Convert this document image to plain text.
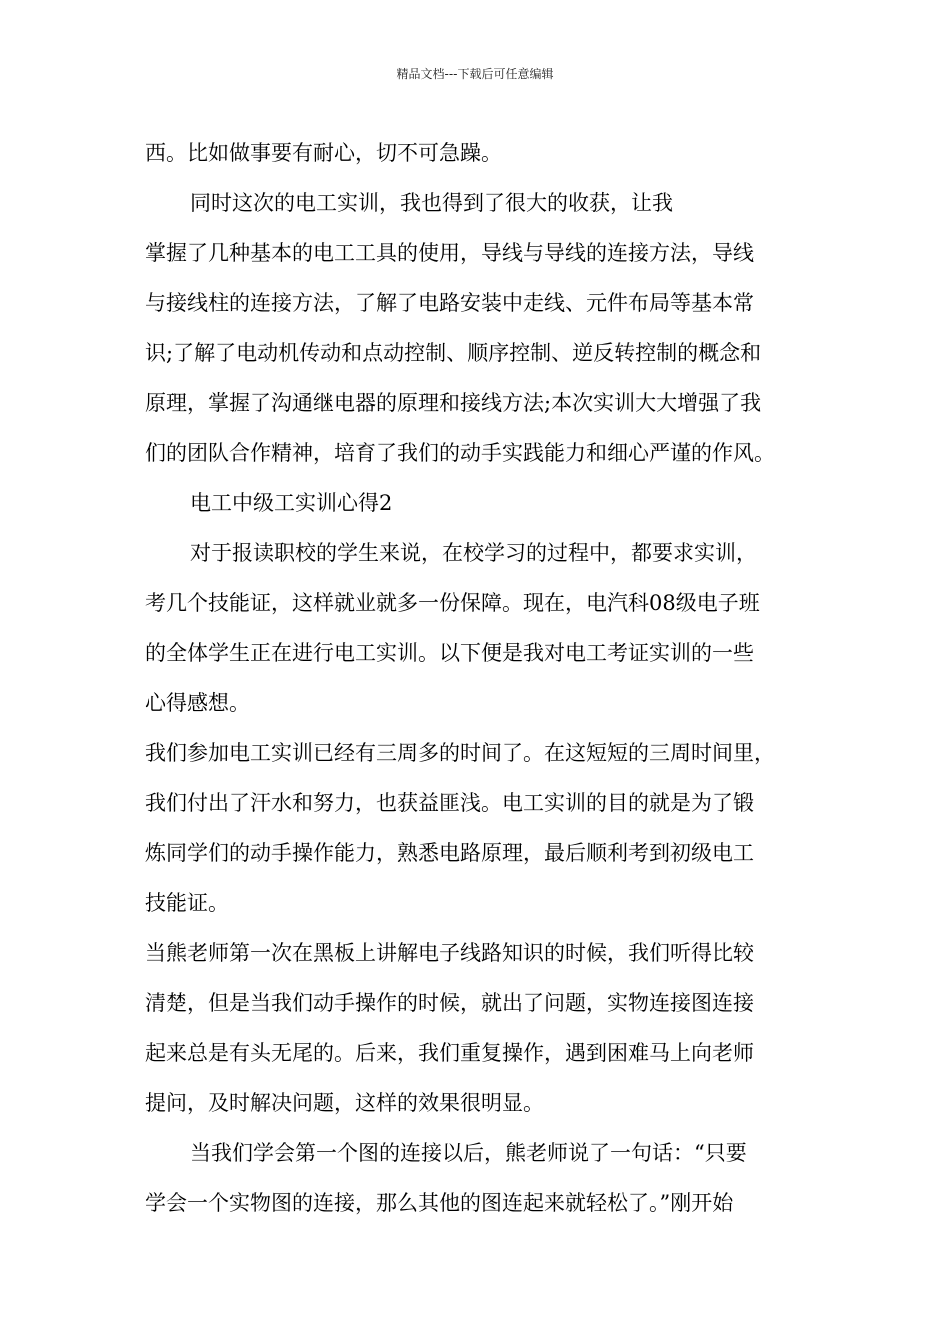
精品文档---下载后可任意编辑
西。比如做事要有耐心，切不可急躁。
同时这次的电工实训，我也得到了很大的收获，让我
掌握了几种基本的电工工具的使用，导线与导线的连接方法，导线
与接线柱的连接方法，了解了电路安装中走线、元件布局等基本常
识;了解了电动机传动和点动控制、顺序控制、逆反转控制的概念和
原理，掌握了沟通继电器的原理和接线方法;本次实训大大增强了我
们的团队合作精神，培育了我们的动手实践能力和细心严谨的作风。
电工中级工实训心得2
对于报读职校的学生来说，在校学习的过程中，都要求实训，
考几个技能证，这样就业就多一份保障。现在，电汽科08级电子班
的全体学生正在进行电工实训。以下便是我对电工考证实训的一些
心得感想。
我们参加电工实训已经有三周多的时间了。在这短短的三周时间里，
我们付出了汗水和努力，也获益匪浅。电工实训的目的就是为了锻
炼同学们的动手操作能力，熟悉电路原理，最后顺利考到初级电工
技能证。
当熊老师第一次在黑板上讲解电子线路知识的时候，我们听得比较
清楚，但是当我们动手操作的时候，就出了问题，实物连接图连接
起来总是有头无尾的。后来，我们重复操作，遇到困难马上向老师
提问，及时解决问题，这样的效果很明显。
当我们学会第一个图的连接以后，熊老师说了一句话：“只要
学会一个实物图的连接，那么其他的图连起来就轻松了。”刚开始
